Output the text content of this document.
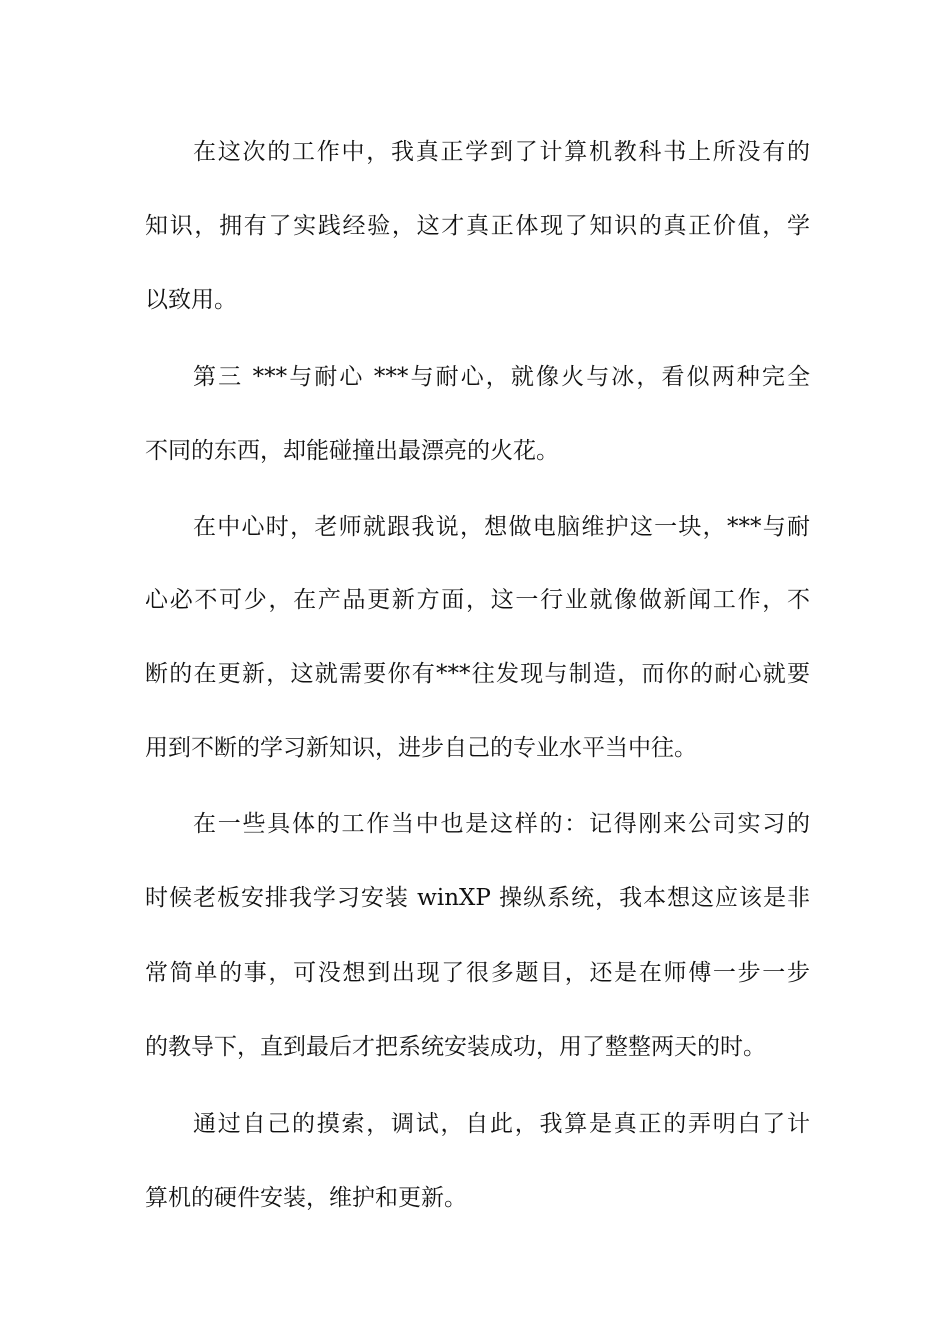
在这次的工作中，我真正学到了计算机教科书上所没有的
知识，拥有了实践经验，这才真正体现了知识的真正价值，学
以致用。
第三 ***与耐心 ***与耐心，就像火与冰，看似两种完全
不同的东西，却能碰撞出最漂亮的火花。
在中心时，老师就跟我说，想做电脑维护这一块，***与耐
心必不可少，在产品更新方面，这一行业就像做新闻工作，不
断的在更新，这就需要你有***往发现与制造，而你的耐心就要
用到不断的学习新知识，进步自己的专业水平当中往。
在一些具体的工作当中也是这样的：记得刚来公司实习的
时候老板安排我学习安装 winXP 操纵系统，我本想这应该是非
常简单的事，可没想到出现了很多题目，还是在师傅一步一步
的教导下，直到最后才把系统安装成功，用了整整两天的时。
通过自己的摸索，调试，自此，我算是真正的弄明白了计
算机的硬件安装，维护和更新。
